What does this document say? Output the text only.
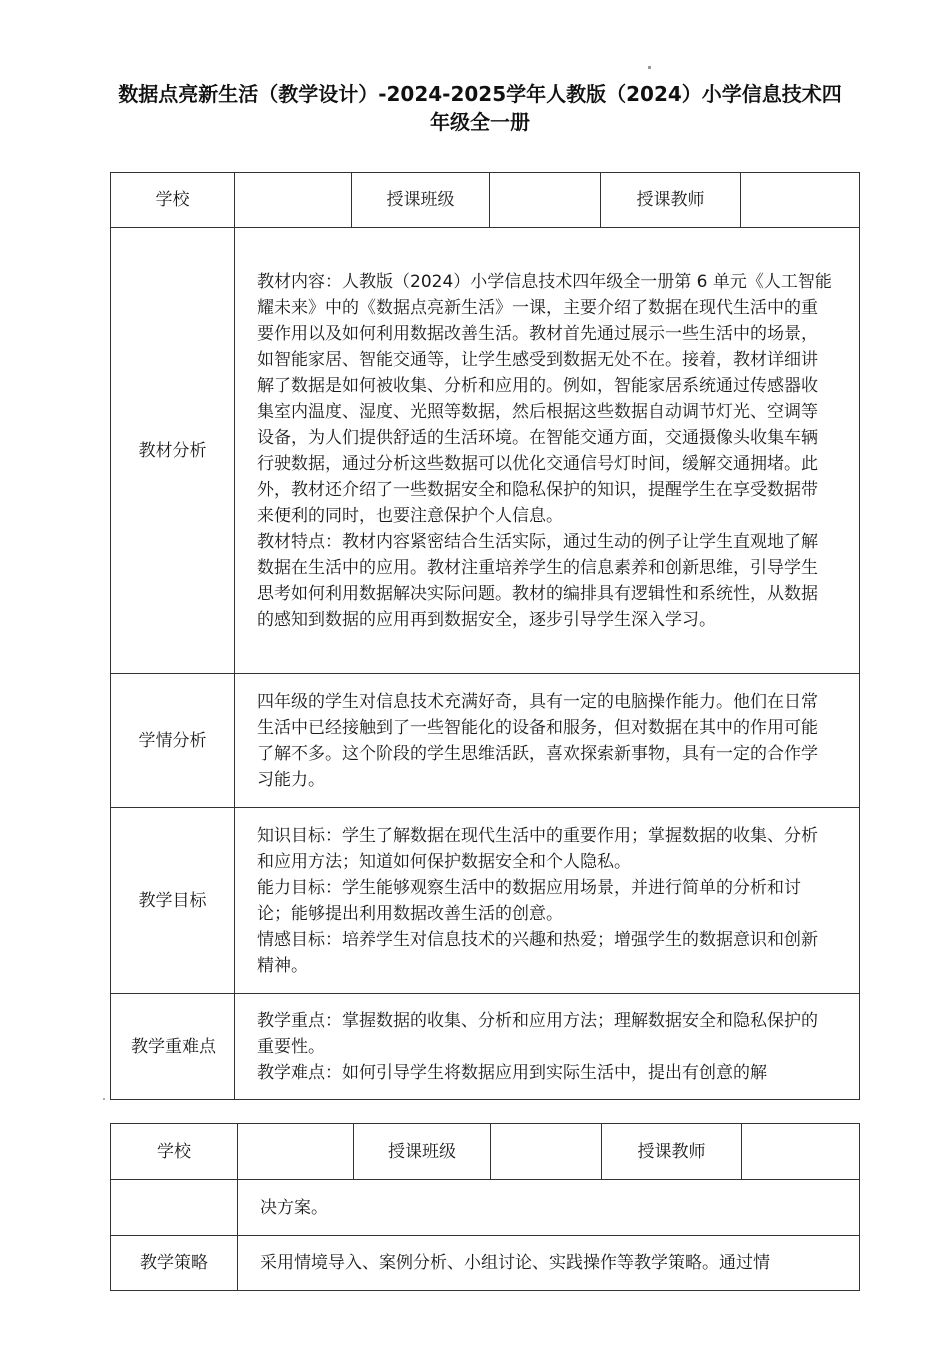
数据点亮新生活（教学设计）-2024-2025学年人教版（2024）小学信息技术四
年级全一册
学校		授课班级		授课教师	
教材分析	教材内容：人教版（2024）小学信息技术四年级全一册第 6 单元《人工智能耀未来》中的《数据点亮新生活》一课，主要介绍了数据在现代生活中的重要作用以及如何利用数据改善生活。教材首先通过展示一些生活中的场景，如智能家居、智能交通等，让学生感受到数据无处不在。接着，教材详细讲解了数据是如何被收集、分析和应用的。例如，智能家居系统通过传感器收集室内温度、湿度、光照等数据，然后根据这些数据自动调节灯光、空调等设备，为人们提供舒适的生活环境。在智能交通方面，交通摄像头收集车辆行驶数据，通过分析这些数据可以优化交通信号灯时间，缓解交通拥堵。此外，教材还介绍了一些数据安全和隐私保护的知识，提醒学生在享受数据带来便利的同时，也要注意保护个人信息。

教材特点：教材内容紧密结合生活实际，通过生动的例子让学生直观地了解数据在生活中的应用。教材注重培养学生的信息素养和创新思维，引导学生思考如何利用数据解决实际问题。教材的编排具有逻辑性和系统性，从数据的感知到数据的应用再到数据安全，逐步引导学生深入学习。				

学情分析	四年级的学生对信息技术充满好奇，具有一定的电脑操作能力。他们在日常生活中已经接触到了一些智能化的设备和服务，但对数据在其中的作用可能了解不多。这个阶段的学生思维活跃，喜欢探索新事物，具有一定的合作学习能力。				

教学目标	知识目标：学生了解数据在现代生活中的重要作用；掌握数据的收集、分析和应用方法；知道如何保护数据安全和个人隐私。

能力目标：学生能够观察生活中的数据应用场景，并进行简单的分析和讨论；能够提出利用数据改善生活的创意。

情感目标：培养学生对信息技术的兴趣和热爱；增强学生的数据意识和创新精神。				

教学重难点	教学重点：掌握数据的收集、分析和应用方法；理解数据安全和隐私保护的重要性。

教学难点：如何引导学生将数据应用到实际生活中，提出有创意的解				

学校		授课班级		授课教师	
	决方案。				
教学策略	采用情境导入、案例分析、小组讨论、实践操作等教学策略。通过情				
